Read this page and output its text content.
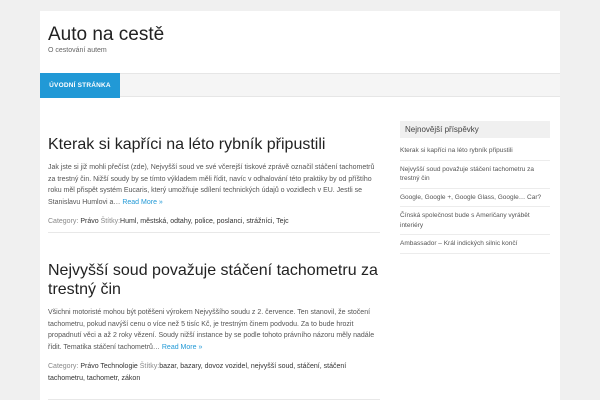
Auto na cestě
O cestování autem
ÚVODNÍ STRÁNKA
Kterak si kapříci na léto rybník připustili
Jak jste si již mohli přečíst (zde), Nejvyšší soud ve své včerejší tiskové zprávě označil stáčení tachometrů za trestný čin. Nižší soudy by se tímto výkladem měli řídit, navíc v odhalování této praktiky by od příštího roku měl přispět systém Eucaris, který umožňuje sdílení technických údajů o vozidlech v EU. Jestli se Stanislavu Humlovi a… Read More »
Category: Právo Štítky:Huml, městská, odtahy, police, poslanci, strážníci, Tejc
Nejvyšší soud považuje stáčení tachometru za trestný čin
Všichni motoristé mohou být potěšeni výrokem Nejvyššího soudu z 2. července. Ten stanovil, že stočení tachometru, pokud navýší cenu o více než 5 tisíc Kč, je trestným činem podvodu. Za to bude hrozit propadnutí věci a až 2 roky vězení. Soudy nižší instance by se podle tohoto právního názoru měly nadále řídit. Tematika stáčení tachometrů… Read More »
Category: Právo Technologie Štítky:bazar, bazary, dovoz vozidel, nejvyšší soud, stáčení, stáčení tachometru, tachometr, zákon
Nejnovější příspěvky
Kterak si kapříci na léto rybník připustili
Nejvyšší soud považuje stáčení tachometru za trestný čin
Google, Google +, Google Glass, Google… Car?
Čínská společnost bude s Američany vyrábět interiéry
Ambassador – Král indických silnic končí
